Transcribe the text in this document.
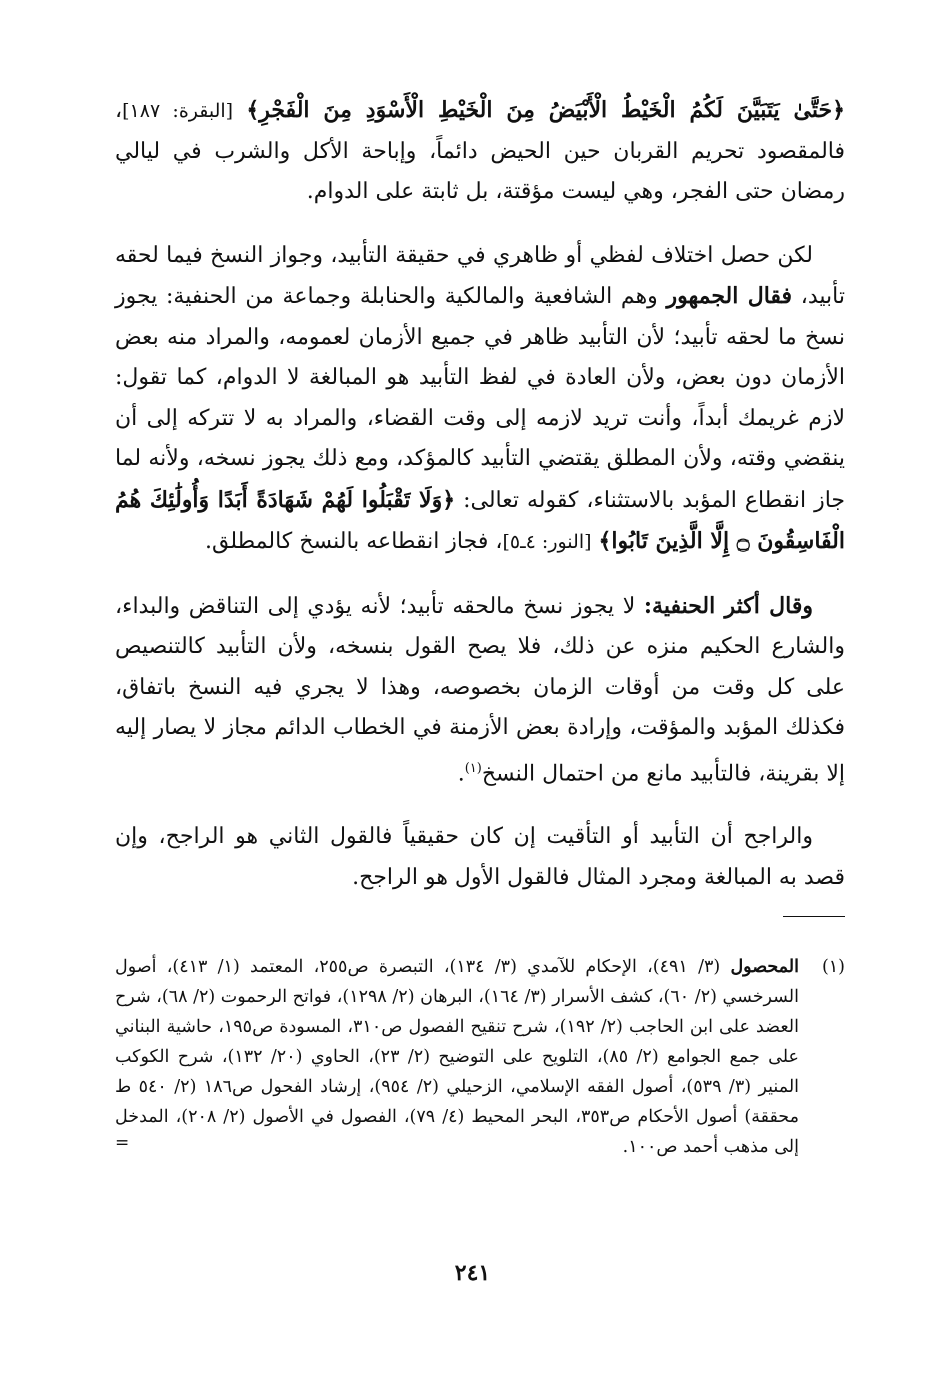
﴿حَتَّىٰ يَتَبَيَّنَ لَكُمُ الْخَيْطُ الْأَبْيَضُ مِنَ الْخَيْطِ الْأَسْوَدِ مِنَ الْفَجْرِ﴾ [البقرة: ١٨٧]، فالمقصود تحريم القربان حين الحيض دائماً، وإباحة الأكل والشرب في ليالي رمضان حتى الفجر، وهي ليست مؤقتة، بل ثابتة على الدوام.

لكن حصل اختلاف لفظي أو ظاهري في حقيقة التأبيد، وجواز النسخ فيما لحقه تأبيد، فقال الجمهور وهم الشافعية والمالكية والحنابلة وجماعة من الحنفية: يجوز نسخ ما لحقه تأبيد؛ لأن التأبيد ظاهر في جميع الأزمان لعمومه، والمراد منه بعض الأزمان دون بعض، ولأن العادة في لفظ التأبيد هو المبالغة لا الدوام، كما تقول: لازم غريمك أبداً، وأنت تريد لازمه إلى وقت القضاء، والمراد به لا تتركه إلى أن ينقضي وقته، ولأن المطلق يقتضي التأبيد كالمؤكد، ومع ذلك يجوز نسخه، ولأنه لما جاز انقطاع المؤبد بالاستثناء، كقوله تعالى: ﴿وَلَا تَقْبَلُوا لَهُمْ شَهَادَةً أَبَدًا وَأُولَٰئِكَ هُمُ الْفَاسِقُونَ ۝ إِلَّا الَّذِينَ تَابُوا﴾ [النور: ٤ـ٥]، فجاز انقطاعه بالنسخ كالمطلق.

وقال أكثر الحنفية: لا يجوز نسخ مالحقه تأبيد؛ لأنه يؤدي إلى التناقض والبداء، والشارع الحكيم منزه عن ذلك، فلا يصح القول بنسخه، ولأن التأبيد كالتنصيص على كل وقت من أوقات الزمان بخصوصه، وهذا لا يجري فيه النسخ باتفاق، فكذلك المؤبد والمؤقت، وإرادة بعض الأزمنة في الخطاب الدائم مجاز لا يصار إليه إلا بقرينة، فالتأبيد مانع من احتمال النسخ$^{(١)}$.

والراجح أن التأبيد أو التأقيت إن كان حقيقياً فالقول الثاني هو الراجح، وإن قصد به المبالغة ومجرد المثال فالقول الأول هو الراجح.

(١)
المحصول (٣/ ٤٩١)، الإحكام للآمدي (٣/ ١٣٤)، التبصرة ص٢٥٥، المعتمد (١/ ٤١٣)، أصول السرخسي (٢/ ٦٠)، كشف الأسرار (٣/ ١٦٤)، البرهان (٢/ ١٢٩٨)، فواتح الرحموت (٢/ ٦٨)، شرح العضد على ابن الحاجب (٢/ ١٩٢)، شرح تنقيح الفصول ص٣١٠، المسودة ص١٩٥، حاشية البناني على جمع الجوامع (٢/ ٨٥)، التلويح على التوضيح (٢/ ٢٣)، الحاوي (٢٠/ ١٣٢)، شرح الكوكب المنير (٣/ ٥٣٩)، أصول الفقه الإسلامي، الزحيلي (٢/ ٩٥٤)، إرشاد الفحول ص١٨٦ (٢/ ٥٤٠ ط محققة) أصول الأحكام ص٣٥٣، البحر المحيط (٤/ ٧٩)، الفصول في الأصول (٢/ ٢٠٨)، المدخل إلى مذهب أحمد ص١٠٠.
=
٢٤١
